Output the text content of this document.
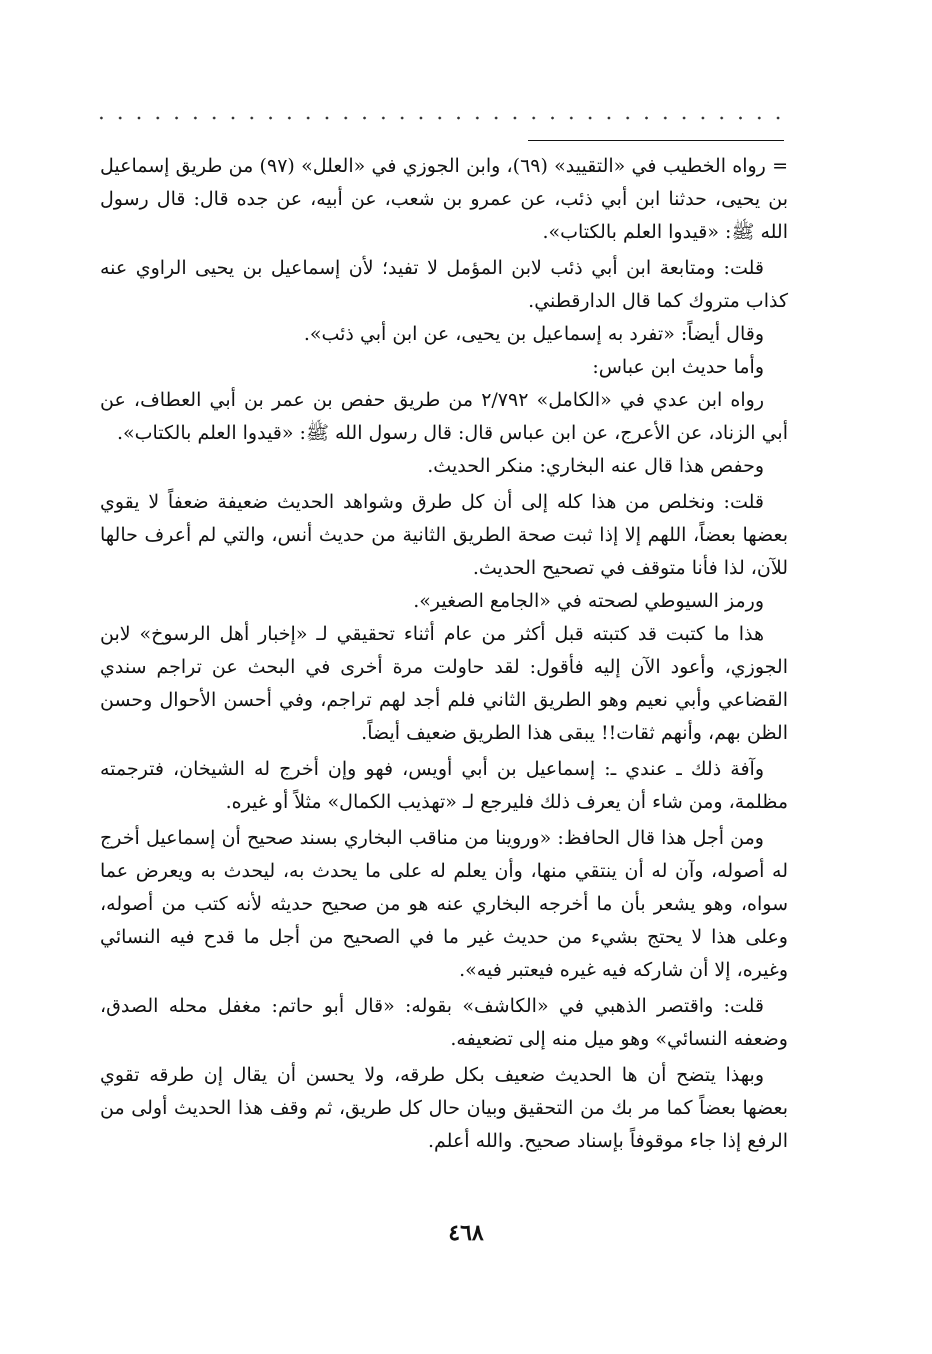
= رواه الخطيب في «التقييد» (٦٩)، وابن الجوزي في «العلل» (٩٧) من طريق إسماعيل بن يحيى، حدثنا ابن أبي ذئب، عن عمرو بن شعب، عن أبيه، عن جده قال: قال رسول الله ﷺ: «قيدوا العلم بالكتاب».

قلت: ومتابعة ابن أبي ذئب لابن المؤمل لا تفيد؛ لأن إسماعيل بن يحيى الراوي عنه كذاب متروك كما قال الدارقطني.

وقال أيضاً: «تفرد به إسماعيل بن يحيى، عن ابن أبي ذئب».

وأما حديث ابن عباس:

رواه ابن عدي في «الكامل» ٢/٧٩٢ من طريق حفص بن عمر بن أبي العطاف، عن أبي الزناد، عن الأعرج، عن ابن عباس قال: قال رسول الله ﷺ: «قيدوا العلم بالكتاب».

وحفص هذا قال عنه البخاري: منكر الحديث.

قلت: ونخلص من هذا كله إلى أن كل طرق وشواهد الحديث ضعيفة ضعفاً لا يقوي بعضها بعضاً، اللهم إلا إذا ثبت صحة الطريق الثانية من حديث أنس، والتي لم أعرف حالها للآن، لذا فأنا متوقف في تصحيح الحديث.

ورمز السيوطي لصحته في «الجامع الصغير».

هذا ما كتبت قد كتبته قبل أكثر من عام أثناء تحقيقي لـ «إخبار أهل الرسوخ» لابن الجوزي، وأعود الآن إليه فأقول: لقد حاولت مرة أخرى في البحث عن تراجم سندي القضاعي وأبي نعيم وهو الطريق الثاني فلم أجد لهم تراجم، وفي أحسن الأحوال وحسن الظن بهم، وأنهم ثقات!! يبقى هذا الطريق ضعيف أيضاً.

وآفة ذلك ـ عندي ـ: إسماعيل بن أبي أويس، فهو وإن أخرج له الشيخان، فترجمته مظلمة، ومن شاء أن يعرف ذلك فليرجع لـ «تهذيب الكمال» مثلاً أو غيره.

ومن أجل هذا قال الحافظ: «وروينا من مناقب البخاري بسند صحيح أن إسماعيل أخرج له أصوله، وآن له أن ينتقي منها، وأن يعلم له على ما يحدث به، ليحدث به ويعرض عما سواه، وهو يشعر بأن ما أخرجه البخاري عنه هو من صحيح حديثه لأنه كتب من أصوله، وعلى هذا لا يحتج بشيء من حديث غير ما في الصحيح من أجل ما قدح فيه النسائي وغيره، إلا أن شاركه فيه غيره فيعتبر فيه».

قلت: واقتصر الذهبي في «الكاشف» بقوله: «قال أبو حاتم: مغفل محله الصدق، وضعفه النسائي» وهو ميل منه إلى تضعيفه.

وبهذا يتضح أن ها الحديث ضعيف بكل طرقه، ولا يحسن أن يقال إن طرقه تقوي بعضها بعضاً كما مر بك من التحقيق وبيان حال كل طريق، ثم وقف هذا الحديث أولى من الرفع إذا جاء موقوفاً بإسناد صحيح. والله أعلم.

٤٦٨
